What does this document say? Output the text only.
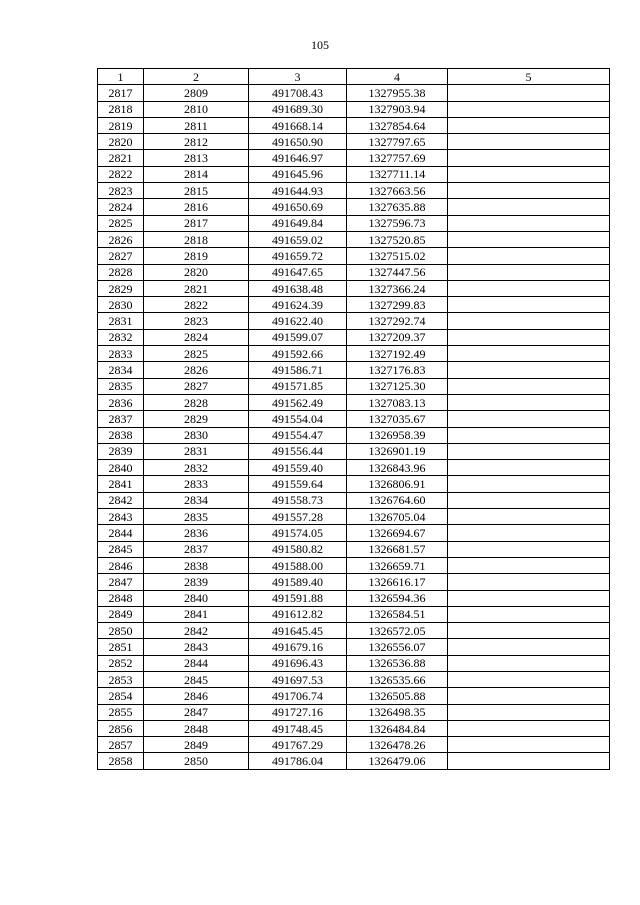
105
1	2	3	4	5
2817	2809	491708.43	1327955.38	
2818	2810	491689.30	1327903.94	
2819	2811	491668.14	1327854.64	
2820	2812	491650.90	1327797.65	
2821	2813	491646.97	1327757.69	
2822	2814	491645.96	1327711.14	
2823	2815	491644.93	1327663.56	
2824	2816	491650.69	1327635.88	
2825	2817	491649.84	1327596.73	
2826	2818	491659.02	1327520.85	
2827	2819	491659.72	1327515.02	
2828	2820	491647.65	1327447.56	
2829	2821	491638.48	1327366.24	
2830	2822	491624.39	1327299.83	
2831	2823	491622.40	1327292.74	
2832	2824	491599.07	1327209.37	
2833	2825	491592.66	1327192.49	
2834	2826	491586.71	1327176.83	
2835	2827	491571.85	1327125.30	
2836	2828	491562.49	1327083.13	
2837	2829	491554.04	1327035.67	
2838	2830	491554.47	1326958.39	
2839	2831	491556.44	1326901.19	
2840	2832	491559.40	1326843.96	
2841	2833	491559.64	1326806.91	
2842	2834	491558.73	1326764.60	
2843	2835	491557.28	1326705.04	
2844	2836	491574.05	1326694.67	
2845	2837	491580.82	1326681.57	
2846	2838	491588.00	1326659.71	
2847	2839	491589.40	1326616.17	
2848	2840	491591.88	1326594.36	
2849	2841	491612.82	1326584.51	
2850	2842	491645.45	1326572.05	
2851	2843	491679.16	1326556.07	
2852	2844	491696.43	1326536.88	
2853	2845	491697.53	1326535.66	
2854	2846	491706.74	1326505.88	
2855	2847	491727.16	1326498.35	
2856	2848	491748.45	1326484.84	
2857	2849	491767.29	1326478.26	
2858	2850	491786.04	1326479.06	
